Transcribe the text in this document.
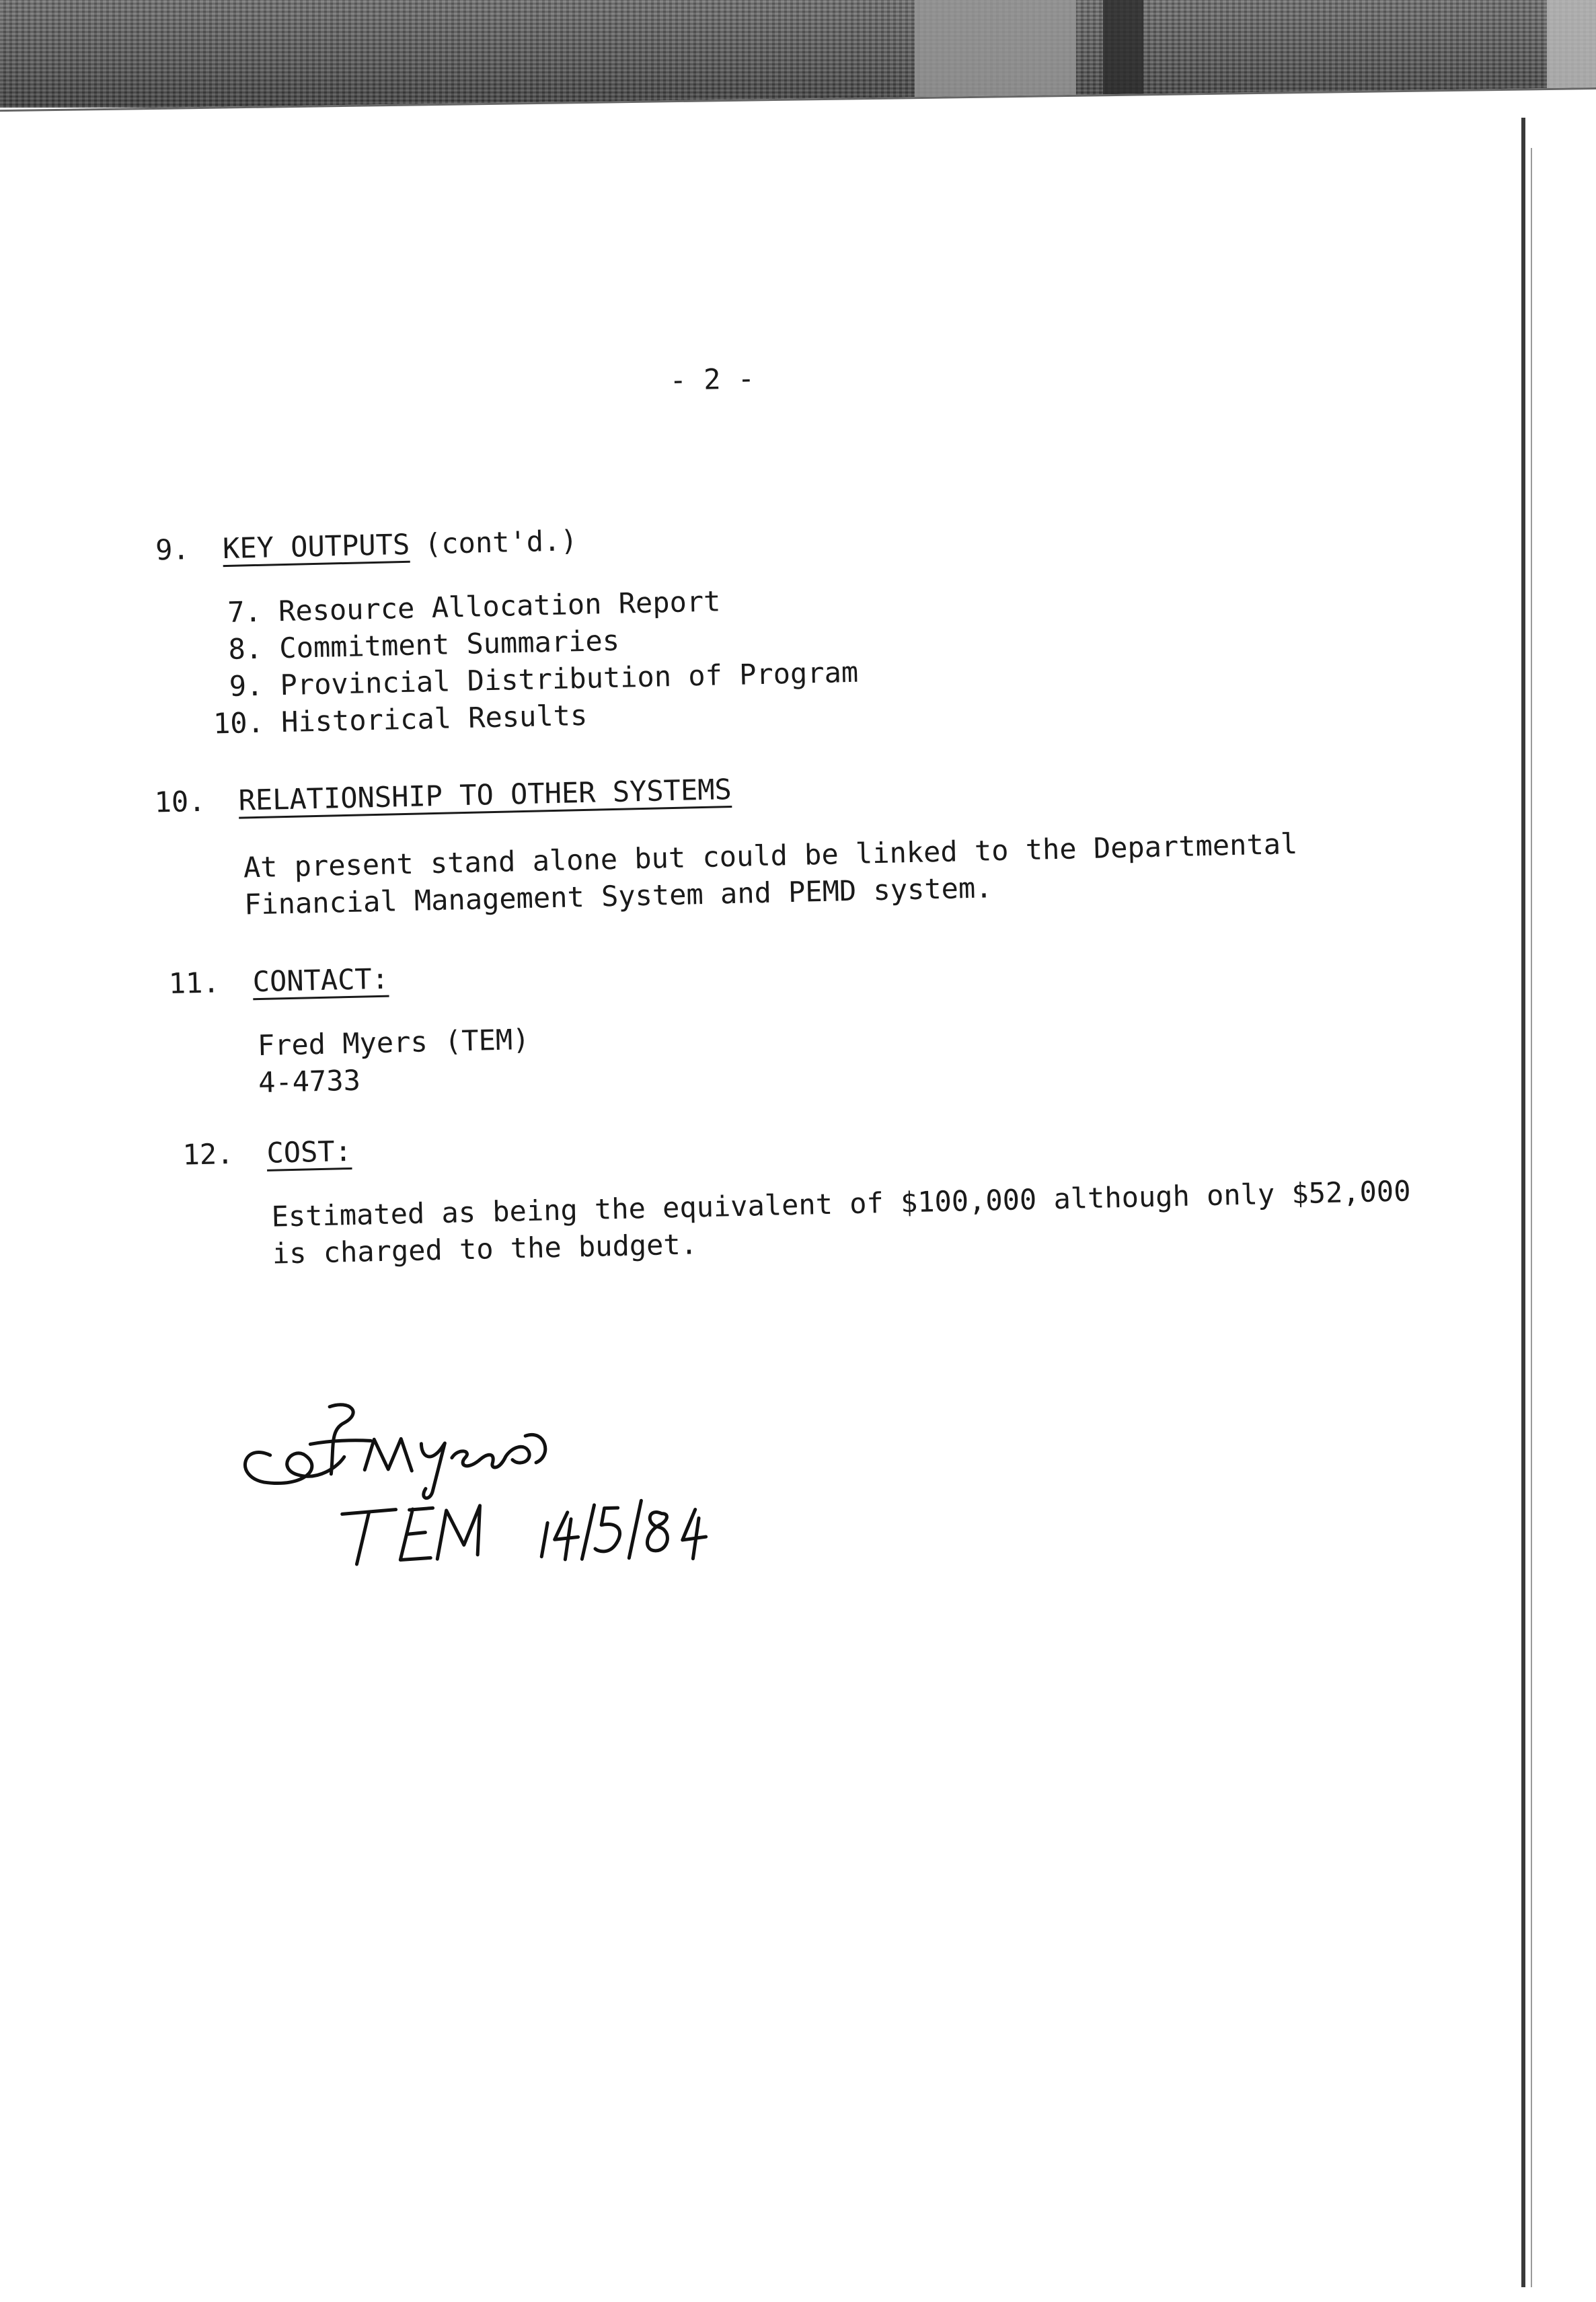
- 2 -
9. KEY OUTPUTS (cont'd.)
7. Resource Allocation Report
8. Commitment Summaries
9. Provincial Distribution of Program
10. Historical Results
10. RELATIONSHIP TO OTHER SYSTEMS
At present stand alone but could be linked to the Departmental
Financial Management System and PEMD system.
11. CONTACT:
Fred Myers (TEM)
4-4733
12. COST:
Estimated as being the equivalent of $100,000 although only $52,000
is charged to the budget.
